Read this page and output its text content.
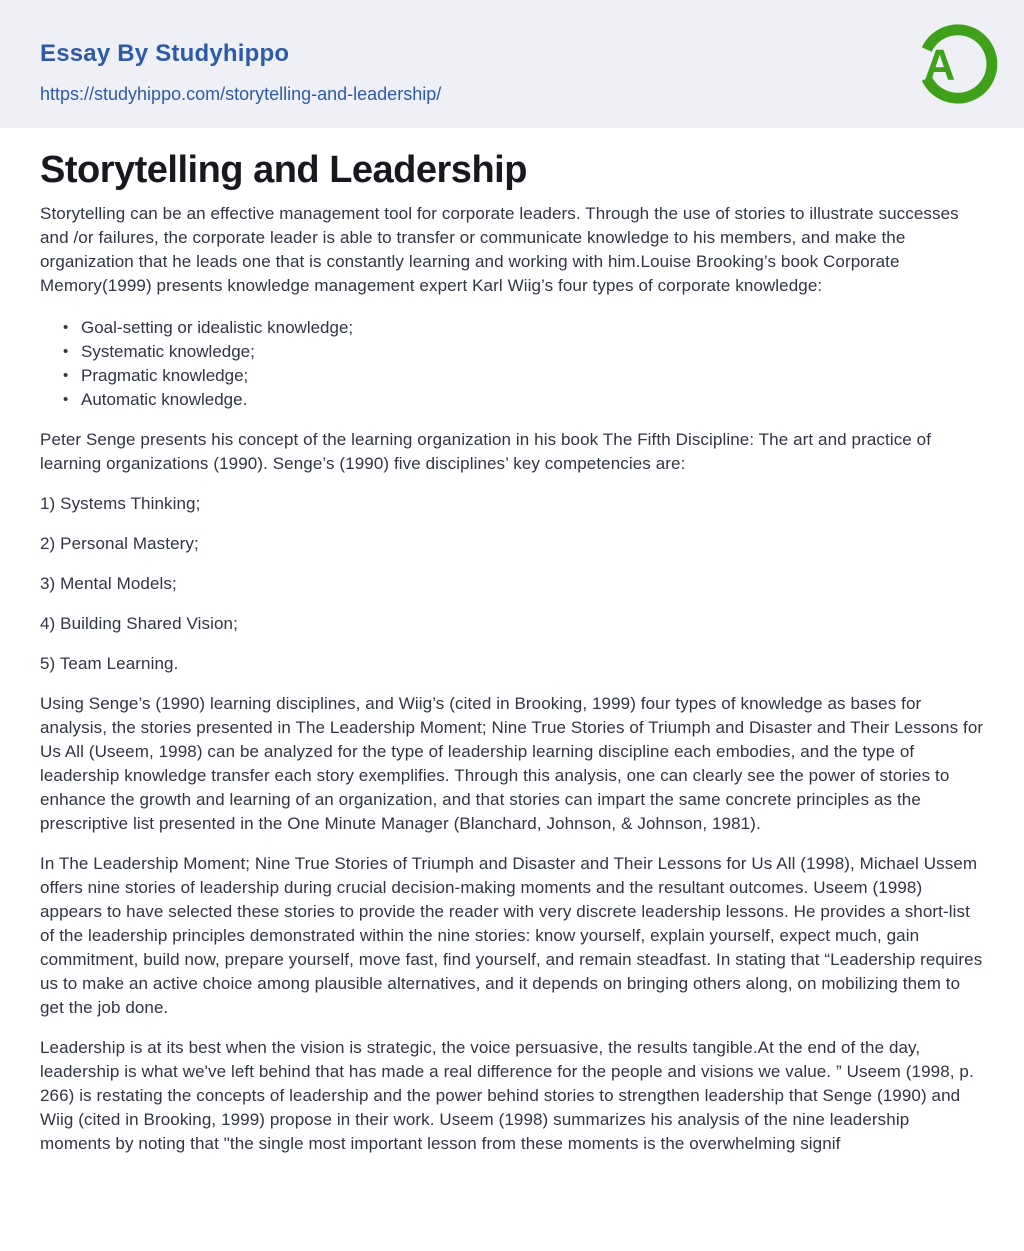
Essay By Studyhippo
https://studyhippo.com/storytelling-and-leadership/
A
Storytelling and Leadership

Storytelling can be an effective management tool for corporate leaders. Through the use of stories to illustrate successes and /or failures, the corporate leader is able to transfer or communicate knowledge to his members, and make the organization that he leads one that is constantly learning and working with him.Louise Brooking’s book Corporate Memory(1999) presents knowledge management expert Karl Wiig’s four types of corporate knowledge:

• Goal-setting or idealistic knowledge;
• Systematic knowledge;
• Pragmatic knowledge;
• Automatic knowledge.

Peter Senge presents his concept of the learning organization in his book The Fifth Discipline: The art and practice of learning organizations (1990). Senge’s (1990) five disciplines’ key competencies are:

1) Systems Thinking;

2) Personal Mastery;

3) Mental Models;

4) Building Shared Vision;

5) Team Learning.

Using Senge’s (1990) learning disciplines, and Wiig’s (cited in Brooking, 1999) four types of knowledge as bases for analysis, the stories presented in The Leadership Moment; Nine True Stories of Triumph and Disaster and Their Lessons for Us All (Useem, 1998) can be analyzed for the type of leadership learning discipline each embodies, and the type of leadership knowledge transfer each story exemplifies. Through this analysis, one can clearly see the power of stories to enhance the growth and learning of an organization, and that stories can impart the same concrete principles as the prescriptive list presented in the One Minute Manager (Blanchard, Johnson, & Johnson, 1981).

In The Leadership Moment; Nine True Stories of Triumph and Disaster and Their Lessons for Us All (1998), Michael Ussem offers nine stories of leadership during crucial decision-making moments and the resultant outcomes. Useem (1998) appears to have selected these stories to provide the reader with very discrete leadership lessons. He provides a short-list of the leadership principles demonstrated within the nine stories: know yourself, explain yourself, expect much, gain commitment, build now, prepare yourself, move fast, find yourself, and remain steadfast. In stating that “Leadership requires us to make an active choice among plausible alternatives, and it depends on bringing others along, on mobilizing them to get the job done.

Leadership is at its best when the vision is strategic, the voice persuasive, the results tangible.At the end of the day, leadership is what we've left behind that has made a real difference for the people and visions we value. ” Useem (1998, p. 266) is restating the concepts of leadership and the power behind stories to strengthen leadership that Senge (1990) and Wiig (cited in Brooking, 1999) propose in their work. Useem (1998) summarizes his analysis of the nine leadership moments by noting that "the single most important lesson from these moments is the overwhelming signif
